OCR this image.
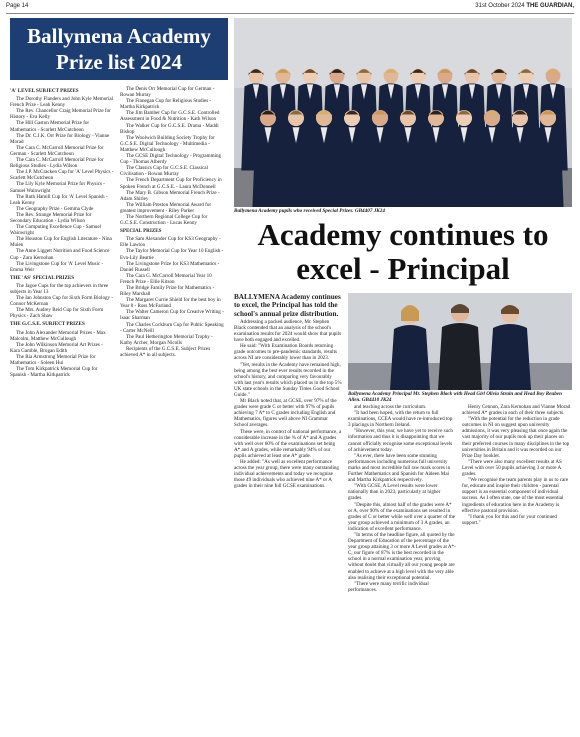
Page 14	31st October 2024 THE GUARDIAN,
Ballymena Academy
Prize list 2024
'A' LEVEL SUBJECT PRIZES

The Dorothy Flanders and John Kyle Memorial French Prize - Leah Kenny

The Rev. Chancellor Craig Memorial Prize for History - Eva Kelly

The Hill Gaston Memorial Prize for Mathematics - Scarlett McCutcheon

The Dr. C.J.K. Orr Prize for Biology - Vianne Morad

The Cara C. McCarroll Memorial Prize for German - Scarlett McCutcheon

The Cara C. McCarroll Memorial Prize for Religious Studies - Lydia Wilson

The J.P. McCracken Cup for 'A' Level Physics - Scarlett McCutcheon

The Lily Kyle Memorial Prize for Physics - Samuel Wainwright

The Ruth Hamill Cup for 'A' Level Spanish - Leah Kenny

The Geography Prize - Gemma Clyde

The Rev. Strange Memorial Prize for Secondary Education - Lydia Wilson

The Computing Excellence Cup - Samuel Wainwright

The Houston Cup for English Literature - Nina Mulen

The Anne Liggett Nutrition and Food Science Cup - Zara Kernohan

The Livingstone Cup for 'A' Level Music - Emma Weir

THE 'AS' SPECIAL PRIZES

The Jagoe Cups for the top achievers in three subjects in Year 13

The Ian Johnston Cup for Sixth Form Biology - Connor McKernan

The Mrs. Audrey Reid Cup for Sixth Form Physics - Zach Shaw

THE G.C.S.E. SUBJECT PRIZES

The John Alexander Memorial Prizes - Max Malcolm, Matthew McCullough

The John Wilkinson Memorial Art Prizes - Kara Gamble, Brogan Edith

The Ria Armstrong Memorial Prize for Mathematics - Soleen Hui

The Tom Kirkpatrick Memorial Cup for Spanish - Martha Kirkpatrick

The Denis Orr Memorial Cup for German - Rowan Murray

The Finnegan Cup for Religious Studies - Martha Kirkpatrick

The Jim Bamber Cup for G.C.S.E. Controlled Assessment in Food & Nutrition - Kath Wilson

The Walker Cup for G.C.S.E. Drama - Maddi Bishop

The Woolwich Building Society Trophy for G.C.S.E. Digital Technology - Multimedia - Matthew McCullough

The GCSE Digital Technology - Programming Cup - Thomas Alberdy

The Classics Cup for G.C.S.E. Classical Civilisation - Rowan Murray

The French Department Cup for Proficiency in Spoken French at G.C.S.E. - Laura McDonnell

The Mary B. Gibson Memorial French Prize - Adam Shirley

The William Preston Memorial Award for greatest improvement - Riley Parker

The Northern Regional College Cup for G.C.S.E. Construction - Lucas Kenny

SPECIAL PRIZES

The Sam Alexander Cup for KS3 Geography - Elle Lawton

The Taylor Memorial Cup for Year 10 English - Eva-Lily Beattie

The Livingstone Prize for KS3 Mathematics - Daniel Russell

The Cara G. McCarroll Memorial Year 10 French Prize - Ellie Kitson

The Bridge Family Prize for Mathematics - Riley Marshall

The Margaret Currie Shield for the best boy in Year 8 - Ross McFarland

The Walter Cameron Cup for Creative Writing - Isaac Sharman

The Charles Cockburn Cup for Public Speaking - Carter McNeill

The Paul Hetherington Memorial Trophy - Kathy Archer, Morgan Nicolls

Recipients of the G.C.S.E. Subject Prizes achieved A* in all subjects.

Ballymena Academy pupils who received Special Prizes. GB4407 JK24
Academy continues to excel - Principal
BALLYMENA Academy continues to excel, the Principal has told the school's annual prize distribution.

Addressing a packed audience, Mr. Stephen Black contended that an analysis of the school's examination results for 2024 would show that pupils have both engaged and excelled.

He said: "With Examination Boards returning grade outcomes to pre-pandemic standards, results across NI are considerably lower than in 2023.

"Yet, results in the Academy have remained high, being among the best ever results recorded in the school's history, and comparing very favourably with last year's results which placed us in the top 5% UK state schools in the Sunday Times Good School Guide."

Mr Black noted that, at GCSE, over 97% of the grades were grade C or better with 97% of pupils achieving 7 A* to C grades including English and Mathematics, figures well above NI Grammar School averages.

These were, in context of national performance, a considerable increase in the % of A* and A grades with well over 60% of the examinations set being A* and A grades, while remarkably 94% of our pupils achieved at least one A* grade.

He added: "As well as excellent performance across the year group, there were many outstanding individual achievements and today we recognise those 49 individuals who achieved nine A* or A grades in their nine full GCSE examinations.

and teaching across the curriculum.

"It had been hoped, with the return to full examinations, CCEA would have re-introduced top 3 placings in Northern Ireland.

"However, this year, we have yet to receive such information and thus it is disappointing that we cannot officially recognise some exceptional levels of achievement today.

"As ever, there have been some stunning performances including numerous full university marks and most incredible full raw mark scores in Further Mathematics and Spanish for Aideen Mai and Martha Kirkpatrick respectively.

"With GCSE, A Level results were lower nationally than in 2023, particularly at higher grades.

"Despite this, almost half of the grades were A* or A, over 90% of the examinations set resulted in grades of C or better while well over a quarter of the year group achieved a minimum of 3 A grades, an indication of excellent performance.

"In terms of the headline figure, all quoted by the Department of Education of the percentage of the year group attaining 3 or more A Level grades at A*-C, our figure of 87% is the best recorded in the school in a normal examination year, proving without doubt that virtually all our young people are enabled to achieve at a high level with the very able also realising their exceptional potential.

"There were many terrific individual performances.

Ballymena Academy Principal Mr. Stephen Black with Head Girl Olivia Strain and Head Boy Reuben Allen. GB4410 JK24

Henry Cennon, Zara Kernohan and Vianne Morad achieved A* grades in each of their three subjects.

"With the potential for the reduction in grade outcomes in NI on suggest upon university admissions, it was very pleasing that once again the vast majority of our pupils took up their places on their preferred courses in many disciplines in the top universities in Britain and it was recorded on our Prize Day booklet.

"There were also many excellent results at AS Level with over 50 pupils achieving 3 or more A grades.

"We recognise the team parents play in us to care for, educate and inspire their children - parental support is an essential component of individual success. As I often state, one of the most essential ingredients of education here in the Academy is effective pastoral provision.

"I thank you for this and for your continued support."
